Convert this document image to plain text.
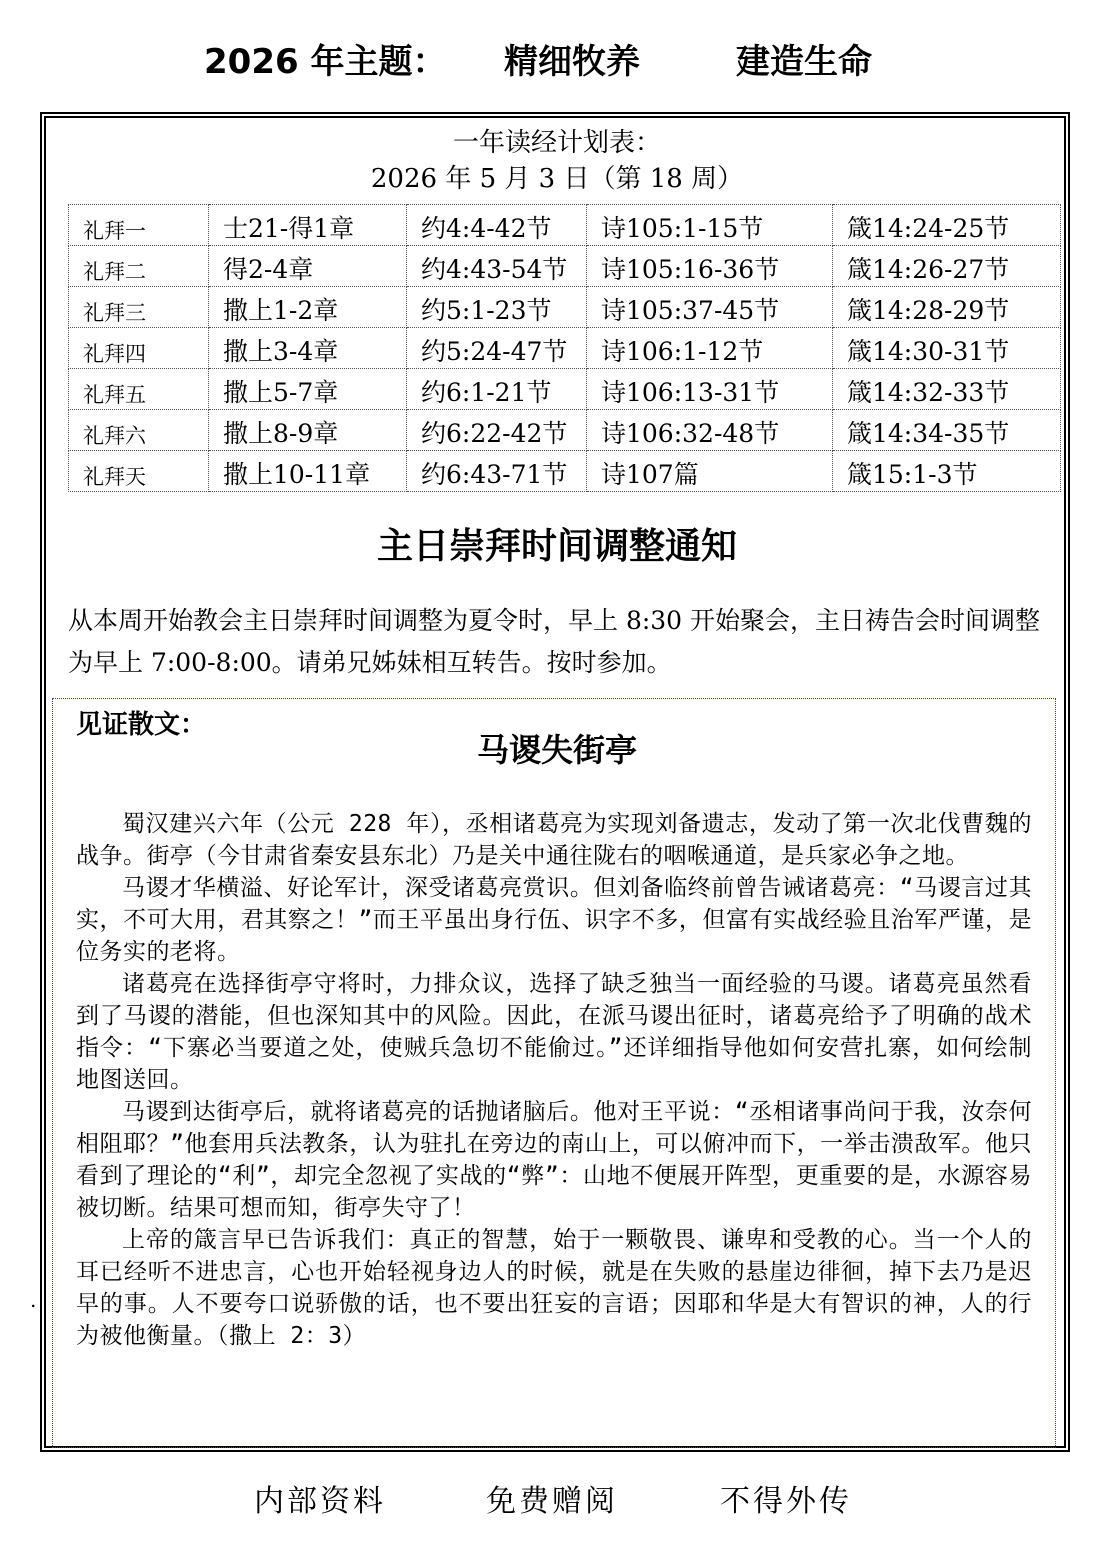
2026 年主题： 精细牧养	建造生命
一年读经计划表：
2026 年 5 月 3 日（第 18 周）
礼拜一	士21-得1章	约4:4-42节	诗105:1-15节	箴14:24-25节
礼拜二	得2-4章	约4:43-54节	诗105:16-36节	箴14:26-27节
礼拜三	撒上1-2章	约5:1-23节	诗105:37-45节	箴14:28-29节
礼拜四	撒上3-4章	约5:24-47节	诗106:1-12节	箴14:30-31节
礼拜五	撒上5-7章	约6:1-21节	诗106:13-31节	箴14:32-33节
礼拜六	撒上8-9章	约6:22-42节	诗106:32-48节	箴14:34-35节
礼拜天	撒上10-11章	约6:43-71节	诗107篇	箴15:1-3节
主日崇拜时间调整通知
从本周开始教会主日崇拜时间调整为夏令时，早上 8:30 开始聚会，主日祷告会时间调整为早上 7:00-8:00。请弟兄姊妹相互转告。按时参加。
见证散文：
马谡失街亭

蜀汉建兴六年（公元 228 年），丞相诸葛亮为实现刘备遗志，发动了第一次北伐曹魏的战争。街亭（今甘肃省秦安县东北）乃是关中通往陇右的咽喉通道，是兵家必争之地。

马谡才华横溢、好论军计，深受诸葛亮赏识。但刘备临终前曾告诫诸葛亮：“马谡言过其实，不可大用，君其察之！”而王平虽出身行伍、识字不多，但富有实战经验且治军严谨，是位务实的老将。

诸葛亮在选择街亭守将时，力排众议，选择了缺乏独当一面经验的马谡。诸葛亮虽然看到了马谡的潜能，但也深知其中的风险。因此，在派马谡出征时，诸葛亮给予了明确的战术指令：“下寨必当要道之处，使贼兵急切不能偷过。”还详细指导他如何安营扎寨，如何绘制地图送回。

马谡到达街亭后，就将诸葛亮的话抛诸脑后。他对王平说：“丞相诸事尚问于我，汝奈何相阻耶？”他套用兵法教条，认为驻扎在旁边的南山上，可以俯冲而下，一举击溃敌军。他只看到了理论的“利”，却完全忽视了实战的“弊”：山地不便展开阵型，更重要的是，水源容易被切断。结果可想而知，街亭失守了！

上帝的箴言早已告诉我们：真正的智慧，始于一颗敬畏、谦卑和受教的心。当一个人的耳已经听不进忠言，心也开始轻视身边人的时候，就是在失败的悬崖边徘徊，掉下去乃是迟早的事。人不要夸口说骄傲的话，也不要出狂妄的言语；因耶和华是大有智识的神，人的行为被他衡量。（撒上 2：3）

.
内部资料	免费赠阅	不得外传
